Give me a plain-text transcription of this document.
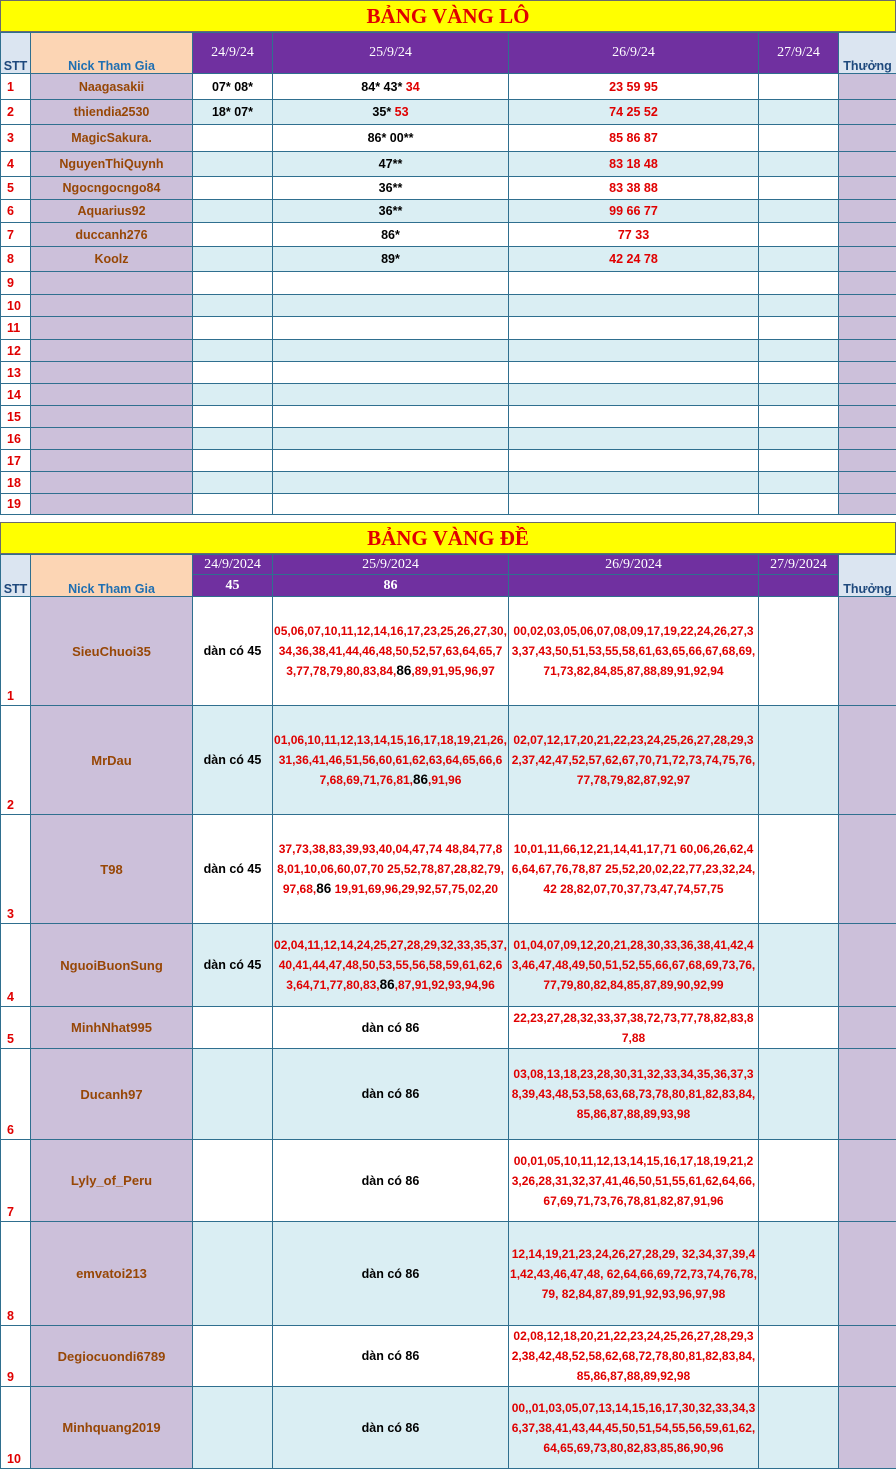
BẢNG VÀNG LÔ
STT	Nick Tham Gia	24/9/24	25/9/24	26/9/24	27/9/24	Thưởng
1	Naagasakii	07* 08*	84* 43* 34	23 59 95		
2	thiendia2530	18* 07*	35* 53	74 25 52		
3	MagicSakura.		86* 00**	85 86 87		
4	NguyenThiQuynh		47**	83 18 48		
5	Ngocngocngo84		36**	83 38 88		
6	Aquarius92		36**	99 66 77		
7	duccanh276		86*	77 33		
8	Koolz		89*	42 24 78		
9						
10						
11						
12						
13						
14						
15						
16						
17						
18						
19						
BẢNG VÀNG ĐỀ
STT	Nick Tham Gia	24/9/2024	25/9/2024	26/9/2024	27/9/2024	Thưởng
		45	86			
1	SieuChuoi35	dàn có 45	05,06,07,10,11,12,14,16,17,23,25,26,27,30,34,36,38,41,44,46,48,50,52,57,63,64,65,73,77,78,79,80,83,84,86,89,91,95,96,97	00,02,03,05,06,07,08,09,17,19,22,24,26,27,33,37,43,50,51,53,55,58,61,63,65,66,67,68,69,71,73,82,84,85,87,88,89,91,92,94		
2	MrDau	dàn có 45	01,06,10,11,12,13,14,15,16,17,18,19,21,26,31,36,41,46,51,56,60,61,62,63,64,65,66,67,68,69,71,76,81,86,91,96	02,07,12,17,20,21,22,23,24,25,26,27,28,29,32,37,42,47,52,57,62,67,70,71,72,73,74,75,76,77,78,79,82,87,92,97		
3	T98	dàn có 45	37,73,38,83,39,93,40,04,47,74 48,84,77,88,01,10,06,60,07,70 25,52,78,87,28,82,79,97,68,86 19,91,69,96,29,92,57,75,02,20	10,01,11,66,12,21,14,41,17,71 60,06,26,62,46,64,67,76,78,87 25,52,20,02,22,77,23,32,24,42 28,82,07,70,37,73,47,74,57,75		
4	NguoiBuonSung	dàn có 45	02,04,11,12,14,24,25,27,28,29,32,33,35,37,40,41,44,47,48,50,53,55,56,58,59,61,62,63,64,71,77,80,83,86,87,91,92,93,94,96	01,04,07,09,12,20,21,28,30,33,36,38,41,42,43,46,47,48,49,50,51,52,55,66,67,68,69,73,76,77,79,80,82,84,85,87,89,90,92,99		
5	MinhNhat995		dàn có 86	22,23,27,28,32,33,37,38,72,73,77,78,82,83,87,88		
6	Ducanh97		dàn có 86	03,08,13,18,23,28,30,31,32,33,34,35,36,37,38,39,43,48,53,58,63,68,73,78,80,81,82,83,84,85,86,87,88,89,93,98		
7	Lyly_of_Peru		dàn có 86	00,01,05,10,11,12,13,14,15,16,17,18,19,21,23,26,28,31,32,37,41,46,50,51,55,61,62,64,66,67,69,71,73,76,78,81,82,87,91,96		
8	emvatoi213		dàn có 86	12,14,19,21,23,24,26,27,28,29, 32,34,37,39,41,42,43,46,47,48, 62,64,66,69,72,73,74,76,78,79, 82,84,87,89,91,92,93,96,97,98		
9	Degiocuondi6789		dàn có 86	02,08,12,18,20,21,22,23,24,25,26,27,28,29,32,38,42,48,52,58,62,68,72,78,80,81,82,83,84,85,86,87,88,89,92,98		
10	Minhquang2019		dàn có 86	00,,01,03,05,07,13,14,15,16,17,30,32,33,34,36,37,38,41,43,44,45,50,51,54,55,56,59,61,62,64,65,69,73,80,82,83,85,86,90,96		
